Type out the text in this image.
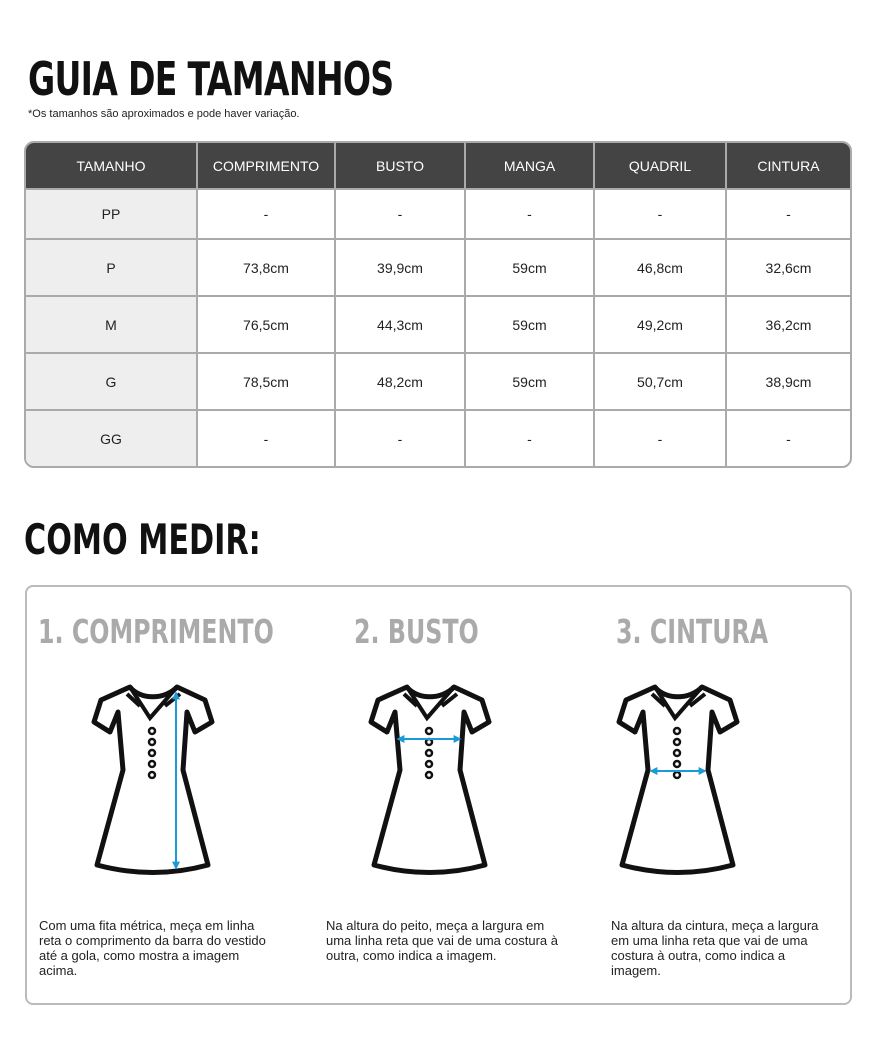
GUIA DE TAMANHOS
*Os tamanhos são aproximados e pode haver variação.
TAMANHO	COMPRIMENTO	BUSTO	MANGA	QUADRIL	CINTURA
PP	-	-	-	-	-
P	73,8cm	39,9cm	59cm	46,8cm	32,6cm
M	76,5cm	44,3cm	59cm	49,2cm	36,2cm
G	78,5cm	48,2cm	59cm	50,7cm	38,9cm
GG	-	-	-	-	-
COMO MEDIR:
1. COMPRIMENTO 2. BUSTO	3. CINTURA
Com uma fita métrica, meça em linha reta o comprimento da barra do vestido até a gola, como mostra a imagem acima.
Na altura do peito, meça a largura em uma linha reta que vai de uma costura à outra, como indica a imagem.
Na altura da cintura, meça a largura em uma linha reta que vai de uma costura à outra, como indica a imagem.
